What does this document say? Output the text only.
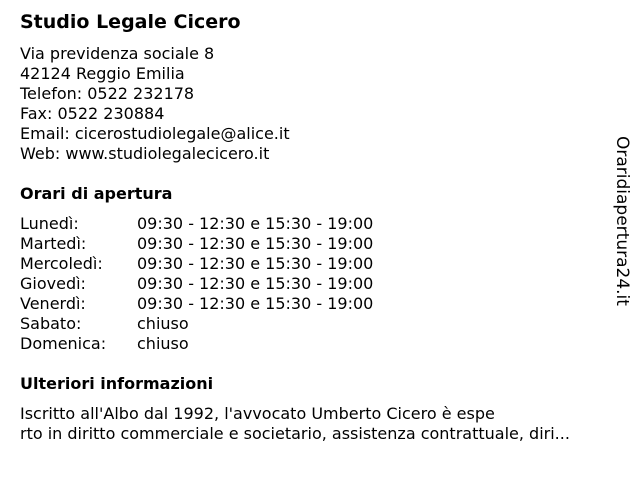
Studio Legale Cicero
Via previdenza sociale 8
42124 Reggio Emilia
Telefon: 0522 232178
Fax: 0522 230884
Email: cicerostudiolegale@alice.it
Web: www.studiolegalecicero.it
Orari di apertura
Lunedì:	09:30 - 12:30 e 15:30 - 19:00
Martedì:	09:30 - 12:30 e 15:30 - 19:00
Mercoledì:	09:30 - 12:30 e 15:30 - 19:00
Giovedì:	09:30 - 12:30 e 15:30 - 19:00
Venerdì:	09:30 - 12:30 e 15:30 - 19:00
Sabato:	chiuso
Domenica:	chiuso
Ulteriori informazioni
Iscritto all'Albo dal 1992, l'avvocato Umberto Cicero è espe
rto in diritto commerciale e societario, assistenza contrattuale, diri...
Oraridiapertura24.it
